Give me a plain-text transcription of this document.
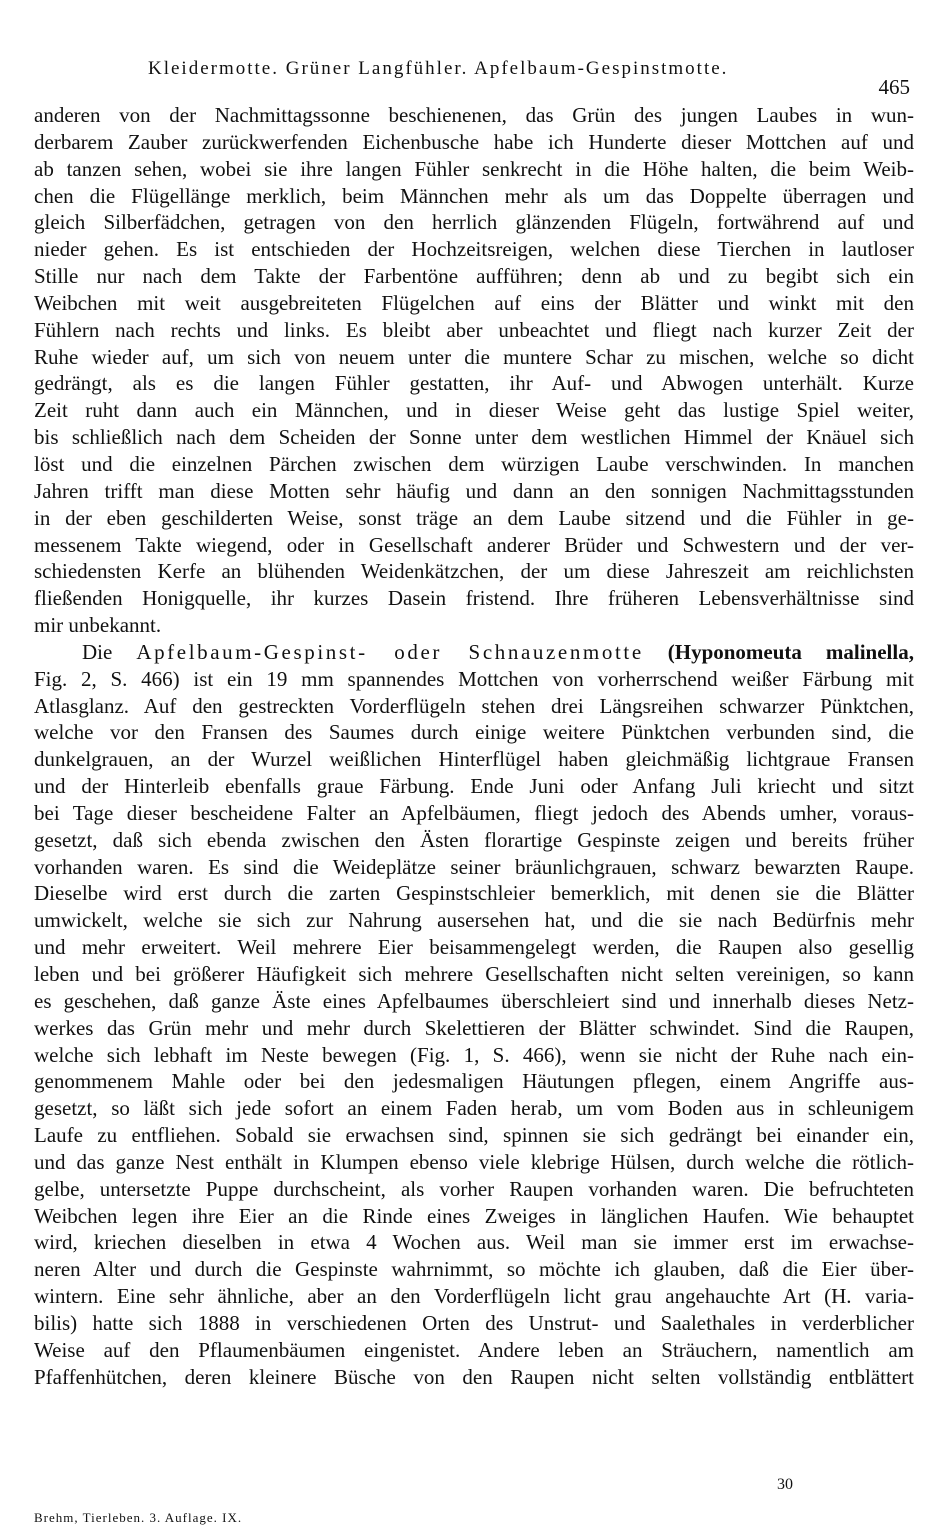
Kleidermotte. Grüner Langfühler. Apfelbaum-Gespinstmotte.
465
anderen von der Nachmittagssonne beschienenen, das Grün des jungen Laubes in wun-
derbarem Zauber zurückwerfenden Eichenbusche habe ich Hunderte dieser Mottchen auf und
ab tanzen sehen, wobei sie ihre langen Fühler senkrecht in die Höhe halten, die beim Weib-
chen die Flügellänge merklich, beim Männchen mehr als um das Doppelte überragen und
gleich Silberfädchen, getragen von den herrlich glänzenden Flügeln, fortwährend auf und
nieder gehen. Es ist entschieden der Hochzeitsreigen, welchen diese Tierchen in lautloser
Stille nur nach dem Takte der Farbentöne aufführen; denn ab und zu begibt sich ein
Weibchen mit weit ausgebreiteten Flügelchen auf eins der Blätter und winkt mit den
Fühlern nach rechts und links. Es bleibt aber unbeachtet und fliegt nach kurzer Zeit der
Ruhe wieder auf, um sich von neuem unter die muntere Schar zu mischen, welche so dicht
gedrängt, als es die langen Fühler gestatten, ihr Auf- und Abwogen unterhält. Kurze
Zeit ruht dann auch ein Männchen, und in dieser Weise geht das lustige Spiel weiter,
bis schließlich nach dem Scheiden der Sonne unter dem westlichen Himmel der Knäuel sich
löst und die einzelnen Pärchen zwischen dem würzigen Laube verschwinden. In manchen
Jahren trifft man diese Motten sehr häufig und dann an den sonnigen Nachmittagsstunden
in der eben geschilderten Weise, sonst träge an dem Laube sitzend und die Fühler in ge-
messenem Takte wiegend, oder in Gesellschaft anderer Brüder und Schwestern und der ver-
schiedensten Kerfe an blühenden Weidenkätzchen, der um diese Jahreszeit am reichlichsten
fließenden Honigquelle, ihr kurzes Dasein fristend. Ihre früheren Lebensverhältnisse sind
mir unbekannt.
Die Apfelbaum-Gespinst- oder Schnauzenmotte (Hyponomeuta malinella,
Fig. 2, S. 466) ist ein 19 mm spannendes Mottchen von vorherrschend weißer Färbung mit
Atlasglanz. Auf den gestreckten Vorderflügeln stehen drei Längsreihen schwarzer Pünktchen,
welche vor den Fransen des Saumes durch einige weitere Pünktchen verbunden sind, die
dunkelgrauen, an der Wurzel weißlichen Hinterflügel haben gleichmäßig lichtgraue Fransen
und der Hinterleib ebenfalls graue Färbung. Ende Juni oder Anfang Juli kriecht und sitzt
bei Tage dieser bescheidene Falter an Apfelbäumen, fliegt jedoch des Abends umher, voraus-
gesetzt, daß sich ebenda zwischen den Ästen florartige Gespinste zeigen und bereits früher
vorhanden waren. Es sind die Weideplätze seiner bräunlichgrauen, schwarz bewarzten Raupe.
Dieselbe wird erst durch die zarten Gespinstschleier bemerklich, mit denen sie die Blätter
umwickelt, welche sie sich zur Nahrung ausersehen hat, und die sie nach Bedürfnis mehr
und mehr erweitert. Weil mehrere Eier beisammengelegt werden, die Raupen also gesellig
leben und bei größerer Häufigkeit sich mehrere Gesellschaften nicht selten vereinigen, so kann
es geschehen, daß ganze Äste eines Apfelbaumes überschleiert sind und innerhalb dieses Netz-
werkes das Grün mehr und mehr durch Skelettieren der Blätter schwindet. Sind die Raupen,
welche sich lebhaft im Neste bewegen (Fig. 1, S. 466), wenn sie nicht der Ruhe nach ein-
genommenem Mahle oder bei den jedesmaligen Häutungen pflegen, einem Angriffe aus-
gesetzt, so läßt sich jede sofort an einem Faden herab, um vom Boden aus in schleunigem
Laufe zu entfliehen. Sobald sie erwachsen sind, spinnen sie sich gedrängt bei einander ein,
und das ganze Nest enthält in Klumpen ebenso viele klebrige Hülsen, durch welche die rötlich-
gelbe, untersetzte Puppe durchscheint, als vorher Raupen vorhanden waren. Die befruchteten
Weibchen legen ihre Eier an die Rinde eines Zweiges in länglichen Haufen. Wie behauptet
wird, kriechen dieselben in etwa 4 Wochen aus. Weil man sie immer erst im erwachse-
neren Alter und durch die Gespinste wahrnimmt, so möchte ich glauben, daß die Eier über-
wintern. Eine sehr ähnliche, aber an den Vorderflügeln licht grau angehauchte Art (H. varia-
bilis) hatte sich 1888 in verschiedenen Orten des Unstrut- und Saalethales in verderblicher
Weise auf den Pflaumenbäumen eingenistet. Andere leben an Sträuchern, namentlich am
Pfaffenhütchen, deren kleinere Büsche von den Raupen nicht selten vollständig entblättert
30
Brehm, Tierleben. 3. Auflage. IX.
